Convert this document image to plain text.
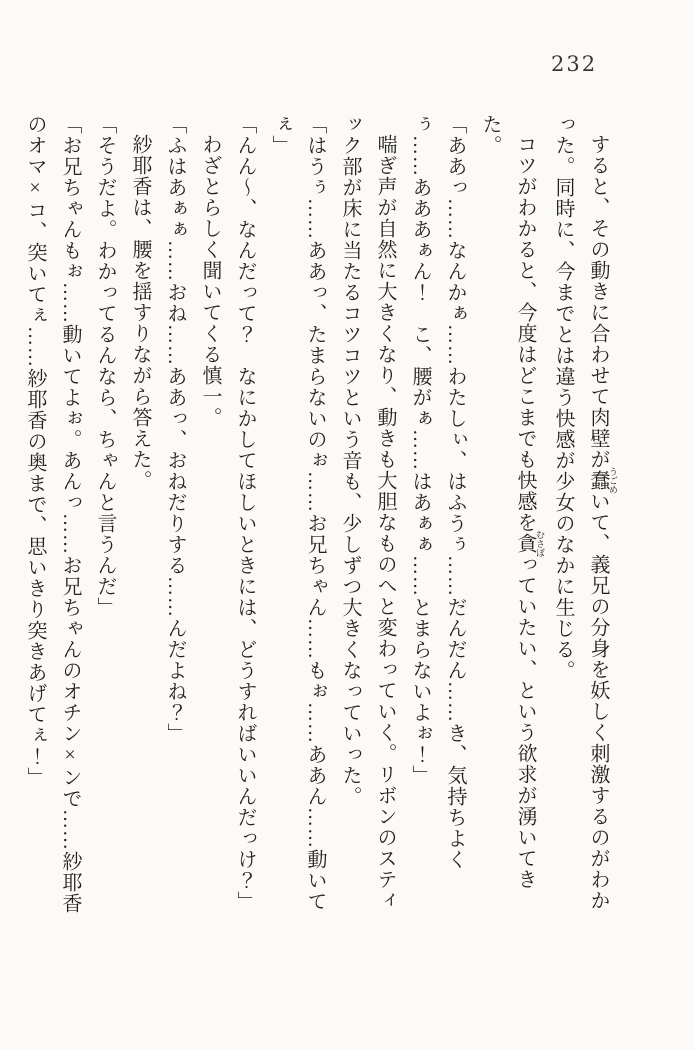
232

すると、その動きに合わせて肉壁が蠢 うごめいて、義兄の分身を妖しく刺激するのがわかった。同時に、今までとは違う快感が少女のなかに生じる。

コツがわかると、今度はどこまでも快感を貪 むさぼっていたい、という欲求が湧いてきた。

「ああっ……なんかぁ……わたしぃ、はふうぅ……だんだん……き、気持ちよくぅ……あああぁん！　こ、腰がぁ……はあぁぁ……とまらないよぉ！」

喘ぎ声が自然に大きくなり、動きも大胆なものへと変わっていく。リボンのスティック部が床に当たるコツコツという音も、少しずつ大きくなっていった。

「はうぅ……ああっ、たまらないのぉ……お兄ちゃん……もぉ……ああん……動いてぇ」

「んん〜、なんだって？　なにかしてほしいときには、どうすればいいんだっけ？」

わざとらしく聞いてくる慎一。

「ふはあぁぁ……おね……ああっ、おねだりする……んだよね？」

紗耶香は、腰を揺すりながら答えた。

「そうだよ。わかってるんなら、ちゃんと言うんだ」

「お兄ちゃんもぉ……動いてよぉ。あんっ……お兄ちゃんのオチン×ンで……紗耶香のオマ×コ、突いてぇ……紗耶香の奥まで、思いきり突きあげてぇ！」
